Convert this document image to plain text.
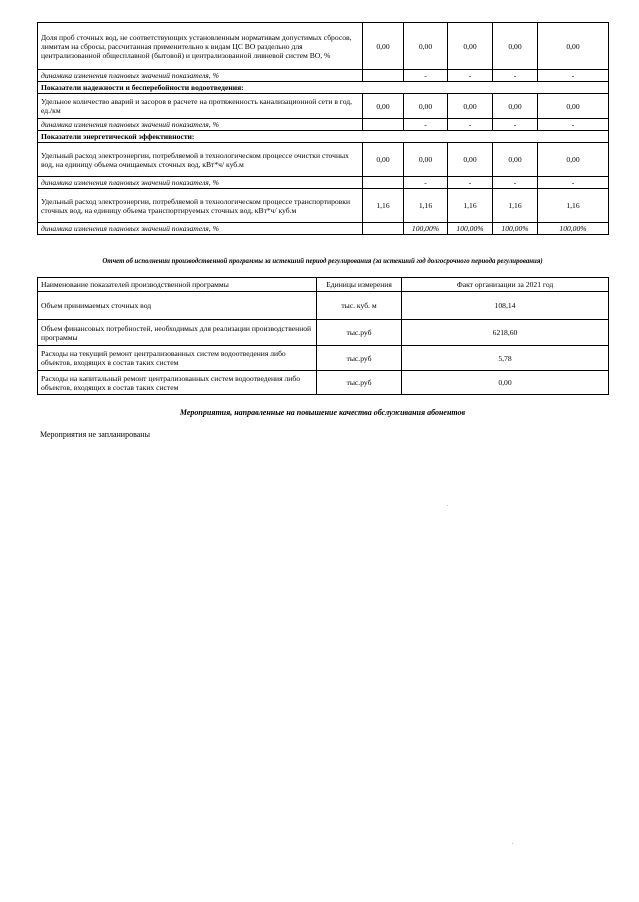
Доля проб сточных вод, не соответствующих установленным нормативам допустимых сбросов, лимитам на сбросы, рассчитанная применительно к видам ЦС ВО раздельно для централизованной общесплавной (бытовой) и централизованной ливневой систем ВО, %	0,00	0,00	0,00	0,00	0,00
динамика изменения плановых значений показателя, %		-	-	-	-
Показатели надежности и бесперебойности водоотведения:					
Удельное количество аварий и засоров в расчете на протяженность канализационной сети в год, ед./км	0,00	0,00	0,00	0,00	0,00
динамика изменения плановых значений показателя, %		-	-	-	-
Показатели энергетической эффективности:					
Удельный расход электроэнергии, потребляемой в технологическом процессе очистки сточных вод, на единицу объема очищаемых сточных вод, кВт*ч/ куб.м	0,00	0,00	0,00	0,00	0,00
динамика изменения плановых значений показателя, %		-	-	-	-
Удельный расход электроэнергии, потребляемой в технологическом процессе транспортировки сточных вод, на единицу объема транспортируемых сточных вод, кВт*ч/ куб.м	1,16	1,16	1,16	1,16	1,16
динамика изменения плановых значений показателя, %		100,00%	100,00%	100,00%	100,00%
Отчет об исполнении производственной программы за истекший период регулирования (за истекший год долгосрочного периода регулирования)
Наименование показателей производственной программы	Единицы измерения	Факт организации за 2021 год
Объем принимаемых сточных вод	тыс. куб. м	108,14
Объем финансовых потребностей, необходимых для реализации производственной программы	тыс.руб	6218,60
Расходы на текущий ремонт централизованных систем водоотведения либо объектов, входящих в состав таких систем	тыс.руб	5,78
Расходы на капитальный ремонт централизованных систем водоотведения либо объектов, входящих в состав таких систем	тыс.руб	0,00
Мероприятия, направленные на повышение качества обслуживания абонентов
Мероприятия не запланированы
